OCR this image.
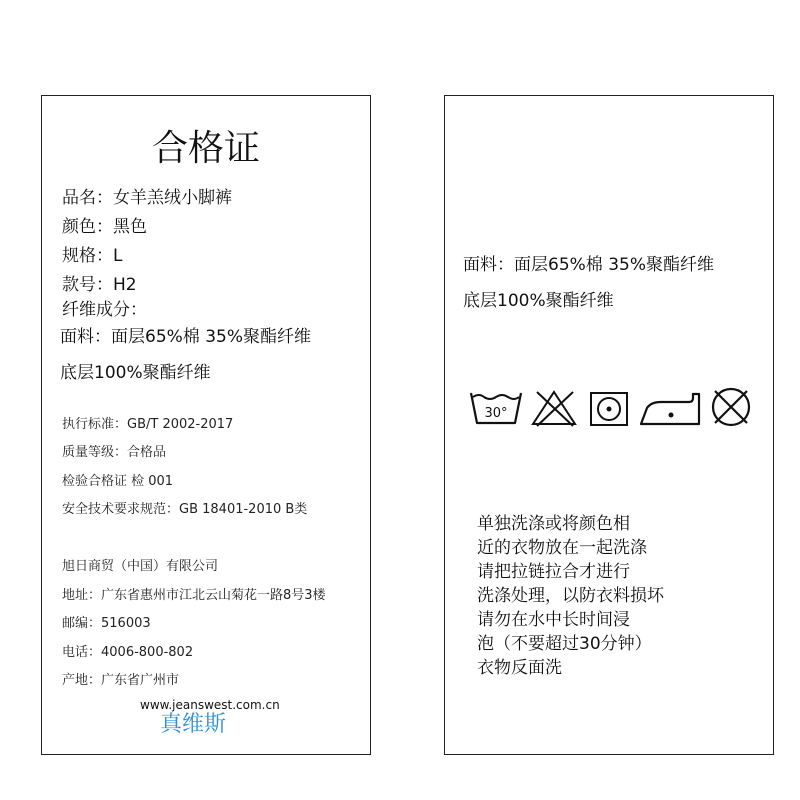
合格证
品名：女羊羔绒小脚裤
颜色：黑色
规格：L
款号：H2
纤维成分：
面料：面层65%棉 35%聚酯纤维
底层100%聚酯纤维
执行标准：GB/T 2002-2017
质量等级：合格品
检验合格证 检 001
安全技术要求规范：GB 18401-2010 B类
旭日商贸（中国）有限公司
地址：广东省惠州市江北云山菊花一路8号3楼
邮编：516003
电话：4006-800-802
产地：广东省广州市
www.jeanswest.com.cn
真维斯
面料：面层65%棉 35%聚酯纤维
底层100%聚酯纤维
30°
单独洗涤或将颜色相
近的衣物放在一起洗涤
请把拉链拉合才进行
洗涤处理，以防衣料损坏
请勿在水中长时间浸
泡（不要超过30分钟）
衣物反面洗
